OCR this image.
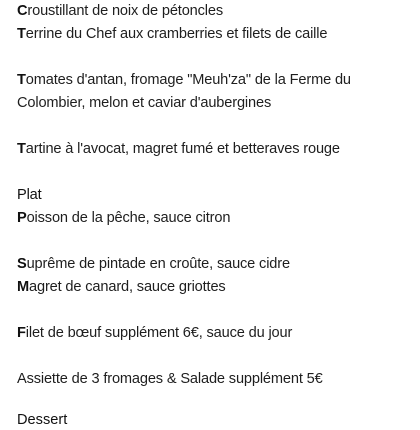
Croustillant de noix de pétoncles
Terrine du Chef aux cramberries et filets de caille
Tomates d'antan, fromage "Meuh'za" de la Ferme du
Colombier, melon et caviar d'aubergines
Tartine à l'avocat, magret fumé et betteraves rouge
Plat
Poisson de la pêche, sauce citron
Suprême de pintade en croûte, sauce cidre
Magret de canard, sauce griottes
Filet de bœuf supplément 6€, sauce du jour
Assiette de 3 fromages & Salade supplément 5€
Dessert
